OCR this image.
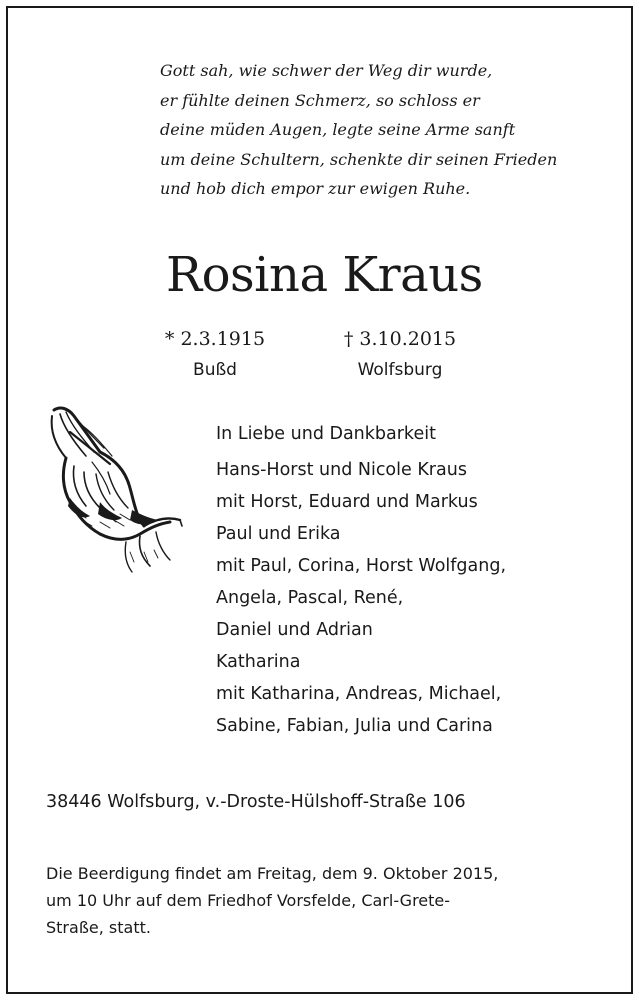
Gott sah, wie schwer der Weg dir wurde,
er fühlte deinen Schmerz, so schloss er
deine müden Augen, legte seine Arme sanft
um deine Schultern, schenkte dir seinen Frieden
und hob dich empor zur ewigen Ruhe.
Rosina Kraus
* 2.3.1915
Bußd
† 3.10.2015
Wolfsburg
In Liebe und Dankbarkeit
Hans-Horst und Nicole Kraus
mit Horst, Eduard und Markus
Paul und Erika
mit Paul, Corina, Horst Wolfgang,
Angela, Pascal, René,
Daniel und Adrian
Katharina
mit Katharina, Andreas, Michael,
Sabine, Fabian, Julia und Carina
38446 Wolfsburg, v.-Droste-Hülshoff-Straße 106
Die Beerdigung findet am Freitag, dem 9. Oktober 2015,
um 10 Uhr auf dem Friedhof Vorsfelde, Carl-Grete-
Straße, statt.
